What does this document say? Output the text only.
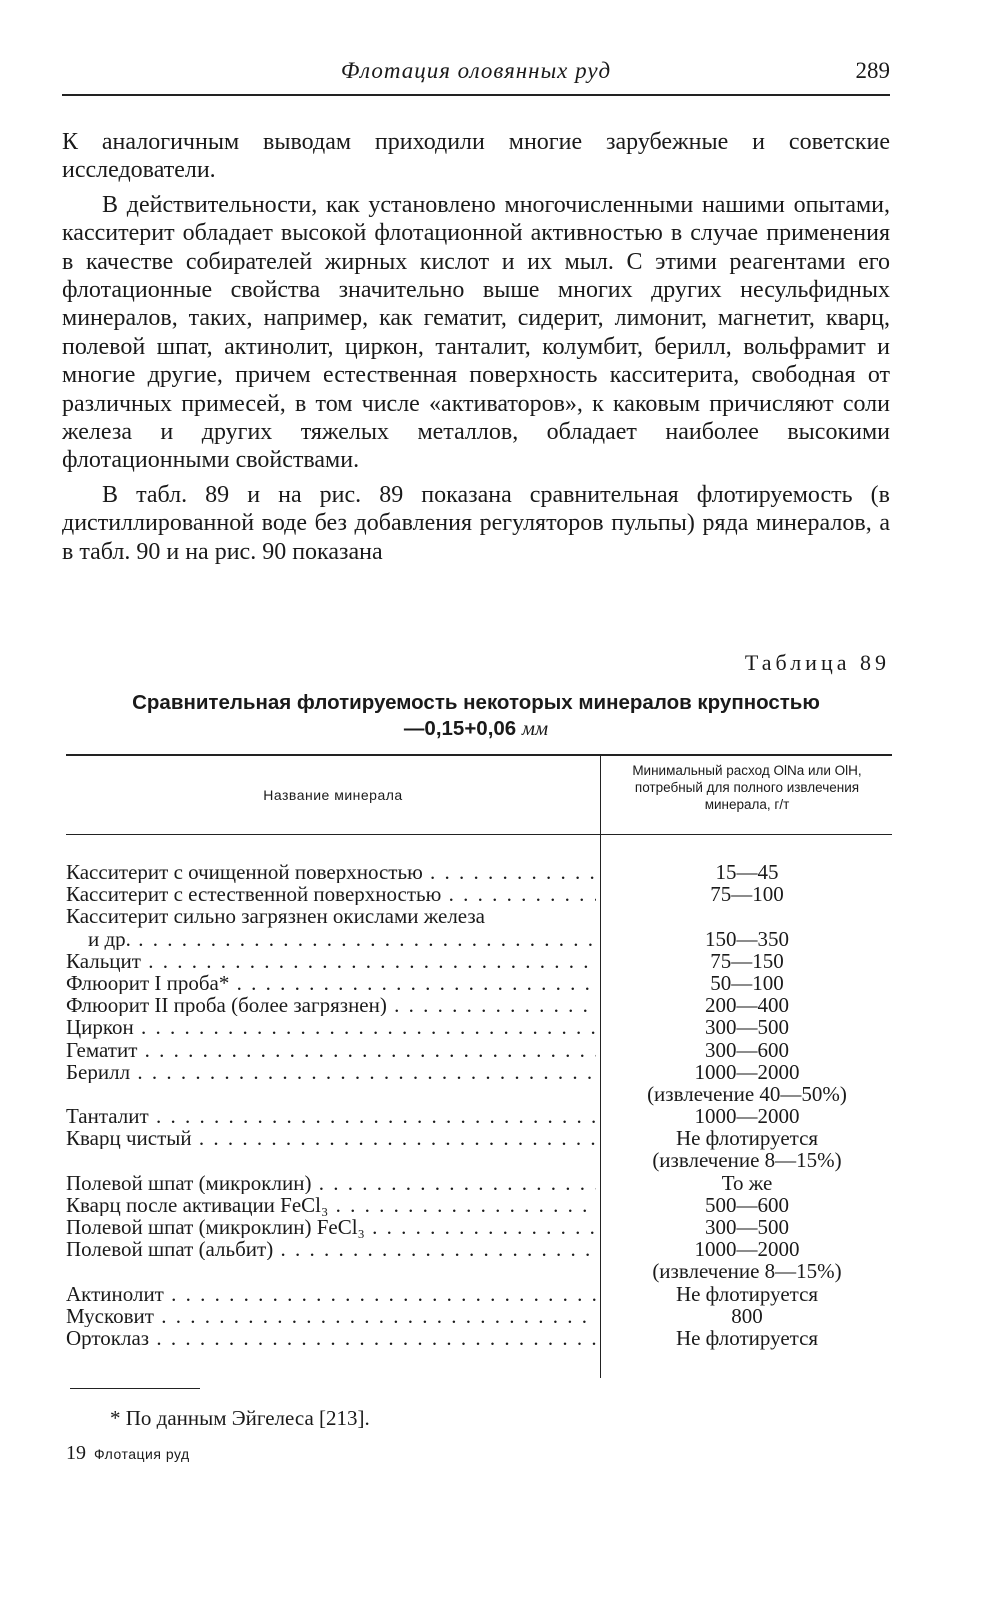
Флотация оловянных руд	289

К аналогичным выводам приходили многие зарубежные и советские исследователи.

В действительности, как установлено многочисленными нашими опытами, касситерит обладает высокой флотационной активностью в случае применения в качестве собирателей жирных кислот и их мыл. С этими реагентами его флотационные свойства значительно выше многих других несульфидных минералов, таких, например, как гематит, сидерит, лимонит, магнетит, кварц, полевой шпат, актинолит, циркон, танталит, колумбит, берилл, вольфрамит и многие другие, причем естественная поверхность касситерита, свободная от различных примесей, в том числе «активаторов», к каковым причисляют соли железа и других тяжелых металлов, обладает наиболее высокими флотационными свойствами.

В табл. 89 и на рис. 89 показана сравнительная флотируемость (в дистиллированной воде без добавления регуляторов пульпы) ряда минералов, а в табл. 90 и на рис. 90 показана

Таблица 89
Сравнительная флотируемость некоторых минералов крупностью
—0,15+0,06 мм
Название минерала
Минимальный расход OlNa или OlH, потребный для полного извлечения минерала, г/т
Касситерит с очищенной поверхностью . . .	15—45
Касситерит с естественной поверхностью . . .	75—100
Касситерит сильно загрязнен окислами железа
и др. . . .	150—350
Кальцит . . .	75—150
Флюорит I проба* . . .	50—100
Флюорит II проба (более загрязнен) . . .	200—400
Циркон . . .	300—500
Гематит . . .	300—600
Берилл . . .	1000—2000
(извлечение 40—50%)
Танталит . . .	1000—2000
Кварц чистый . . .	Не флотируется
(извлечение 8—15%)
Полевой шпат (микроклин) . . .	То же
Кварц после активации FeCl₃ . . .	500—600
Полевой шпат (микроклин) FeCl₃ . . .	300—500
Полевой шпат (альбит) . . .	1000—2000
(извлечение 8—15%)
Актинолит . . .	Не флотируется
Мусковит . . .	800
Ортоклаз . . .	Не флотируется
* По данным Эйгелеса [213].
19 Флотация руд
